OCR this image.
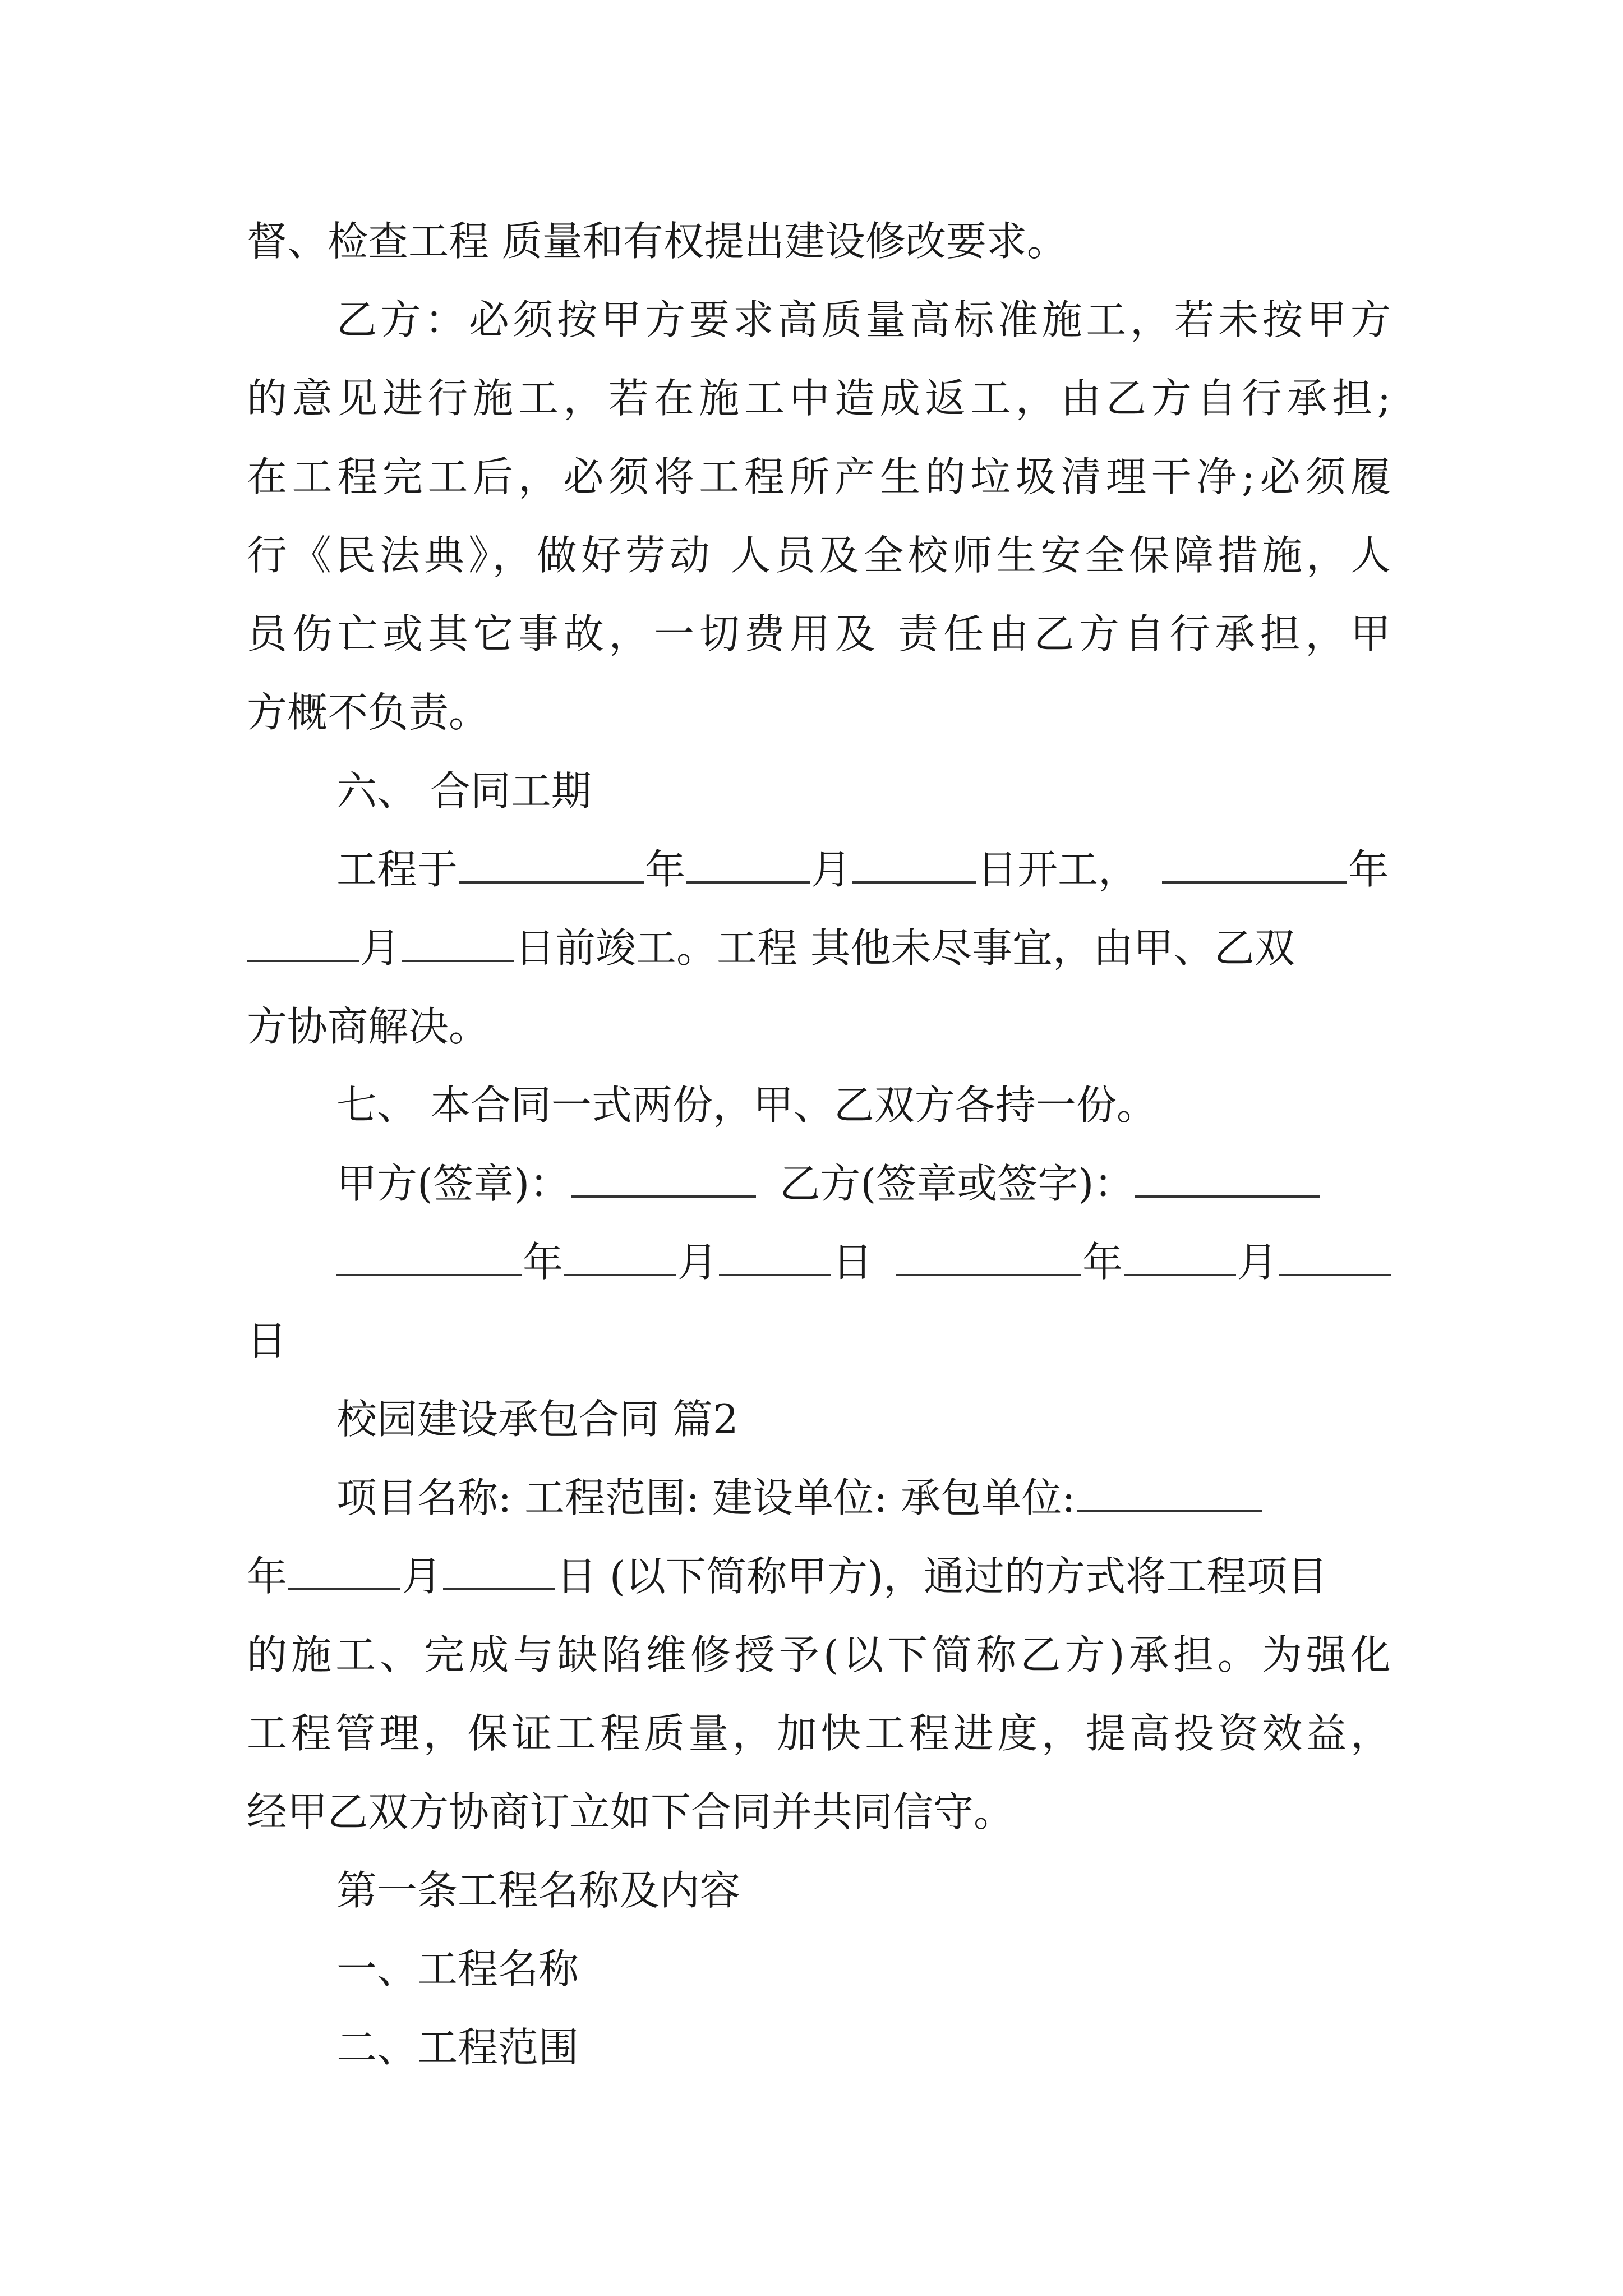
督、检查工程 质量和有权提出建设修改要求。
乙方：必须按甲方要求高质量高标准施工，若未按甲方
的意见进行施工，若在施工中造成返工，由乙方自行承担;
在工程完工后，必须将工程所产生的垃圾清理干净;必须履
行《民法典》，做好劳动 人员及全校师生安全保障措施，人
员伤亡或其它事故，一切费用及 责任由乙方自行承担，甲
方概不负责。
六、 合同工期
工程于	年	月	日开工，	年
月	日前竣工。工程 其他未尽事宜，由甲、乙双
方协商解决。
七、 本合同一式两份，甲、乙双方各持一份。
甲方(签章)：	乙方(签章或签字)：
年	月	日	年	月
日
校园建设承包合同 篇2
项目名称: 工程范围: 建设单位: 承包单位:
年	月	日 (以下简称甲方)，通过的方式将工程项目
的施工、完成与缺陷维修授予(以下简称乙方)承担。为强化
工程管理，保证工程质量，加快工程进度，提高投资效益，
经甲乙双方协商订立如下合同并共同信守。
第一条工程名称及内容
一、工程名称
二、工程范围
